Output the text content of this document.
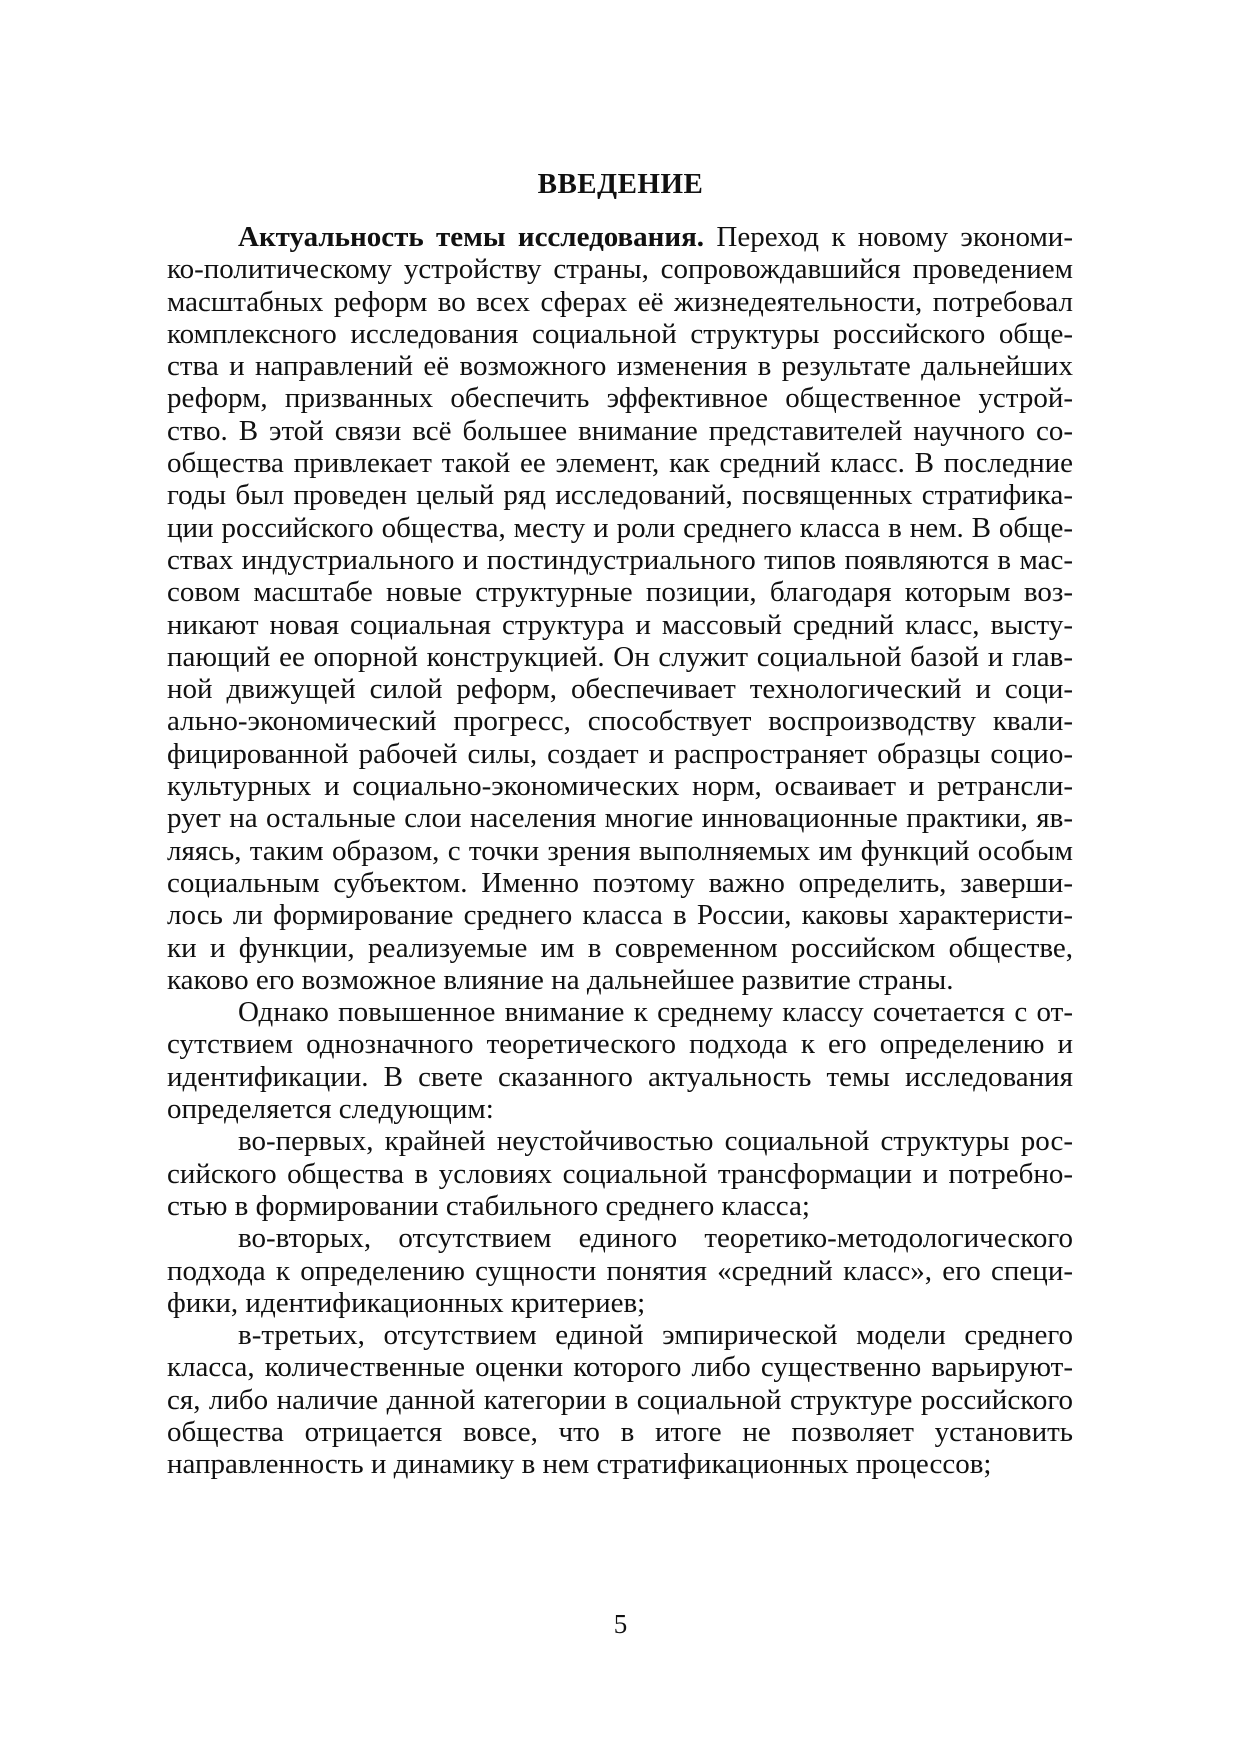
ВВЕДЕНИЕ
Актуальность темы исследования. Переход к новому экономи-
ко-политическому устройству страны, сопровождавшийся проведением
масштабных реформ во всех сферах её жизнедеятельности, потребовал
комплексного исследования социальной структуры российского обще-
ства и направлений её возможного изменения в результате дальнейших
реформ, призванных обеспечить эффективное общественное устрой-
ство. В этой связи всё большее внимание представителей научного со-
общества привлекает такой ее элемент, как средний класс. В последние
годы был проведен целый ряд исследований, посвященных стратифика-
ции российского общества, месту и роли среднего класса в нем. В обще-
ствах индустриального и постиндустриального типов появляются в мас-
совом масштабе новые структурные позиции, благодаря которым воз-
никают новая социальная структура и массовый средний класс, высту-
пающий ее опорной конструкцией. Он служит социальной базой и глав-
ной движущей силой реформ, обеспечивает технологический и соци-
ально-экономический прогресс, способствует воспроизводству квали-
фицированной рабочей силы, создает и распространяет образцы социо-
культурных и социально-экономических норм, осваивает и ретрансли-
рует на остальные слои населения многие инновационные практики, яв-
ляясь, таким образом, с точки зрения выполняемых им функций особым
социальным субъектом. Именно поэтому важно определить, заверши-
лось ли формирование среднего класса в России, каковы характеристи-
ки и функции, реализуемые им в современном российском обществе,
каково его возможное влияние на дальнейшее развитие страны.
Однако повышенное внимание к среднему классу сочетается с от-
сутствием однозначного теоретического подхода к его определению и
идентификации. В свете сказанного актуальность темы исследования
определяется следующим:
во-первых, крайней неустойчивостью социальной структуры рос-
сийского общества в условиях социальной трансформации и потребно-
стью в формировании стабильного среднего класса;
во-вторых, отсутствием единого теоретико-методологического
подхода к определению сущности понятия «средний класс», его специ-
фики, идентификационных критериев;
в-третьих, отсутствием единой эмпирической модели среднего
класса, количественные оценки которого либо существенно варьируют-
ся, либо наличие данной категории в социальной структуре российского
общества отрицается вовсе, что в итоге не позволяет установить
направленность и динамику в нем стратификационных процессов;
5
